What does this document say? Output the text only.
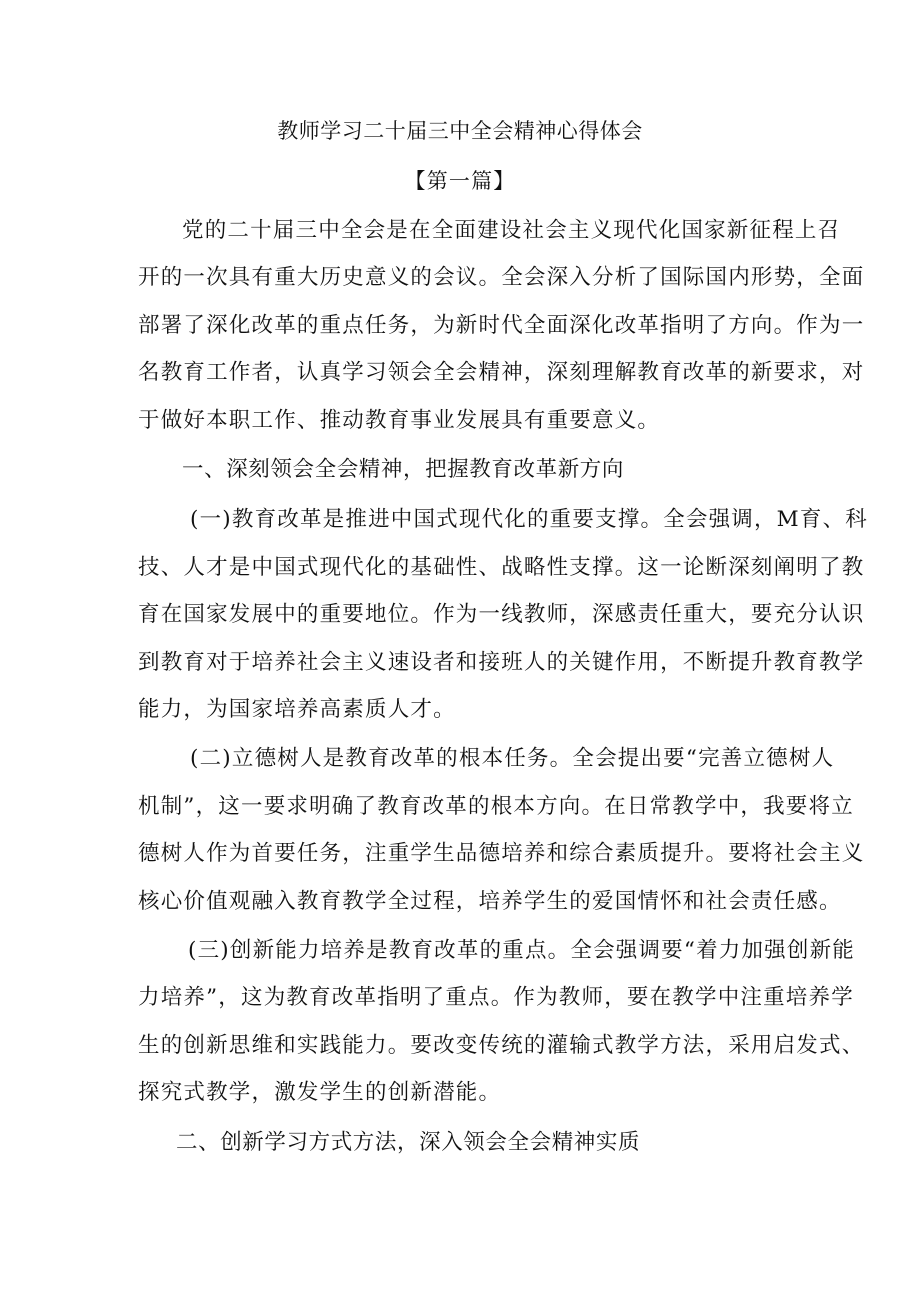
教师学习二十届三中全会精神心得体会
【第一篇】
党的二十届三中全会是在全面建设社会主义现代化国家新征程上召
开的一次具有重大历史意义的会议。全会深入分析了国际国内形势，全面
部署了深化改革的重点任务，为新时代全面深化改革指明了方向。作为一
名教育工作者，认真学习领会全会精神，深刻理解教育改革的新要求，对
于做好本职工作、推动教育事业发展具有重要意义。
一、深刻领会全会精神，把握教育改革新方向
(一)教育改革是推进中国式现代化的重要支撑。全会强调，M育、科
技、人才是中国式现代化的基础性、战略性支撑。这一论断深刻阐明了教
育在国家发展中的重要地位。作为一线教师，深感责任重大，要充分认识
到教育对于培养社会主义速设者和接班人的关键作用，不断提升教育教学
能力，为国家培养高素质人才。
(二)立德树人是教育改革的根本任务。全会提出要“完善立德树人
机制”，这一要求明确了教育改革的根本方向。在日常教学中，我要将立
德树人作为首要任务，注重学生品德培养和综合素质提升。要将社会主义
核心价值观融入教育教学全过程，培养学生的爱国情怀和社会责任感。
(三)创新能力培养是教育改革的重点。全会强调要“着力加强创新能
力培养”，这为教育改革指明了重点。作为教师，要在教学中注重培养学
生的创新思维和实践能力。要改变传统的灌输式教学方法，采用启发式、
探究式教学，激发学生的创新潜能。
二、创新学习方式方法，深入领会全会精神实质
